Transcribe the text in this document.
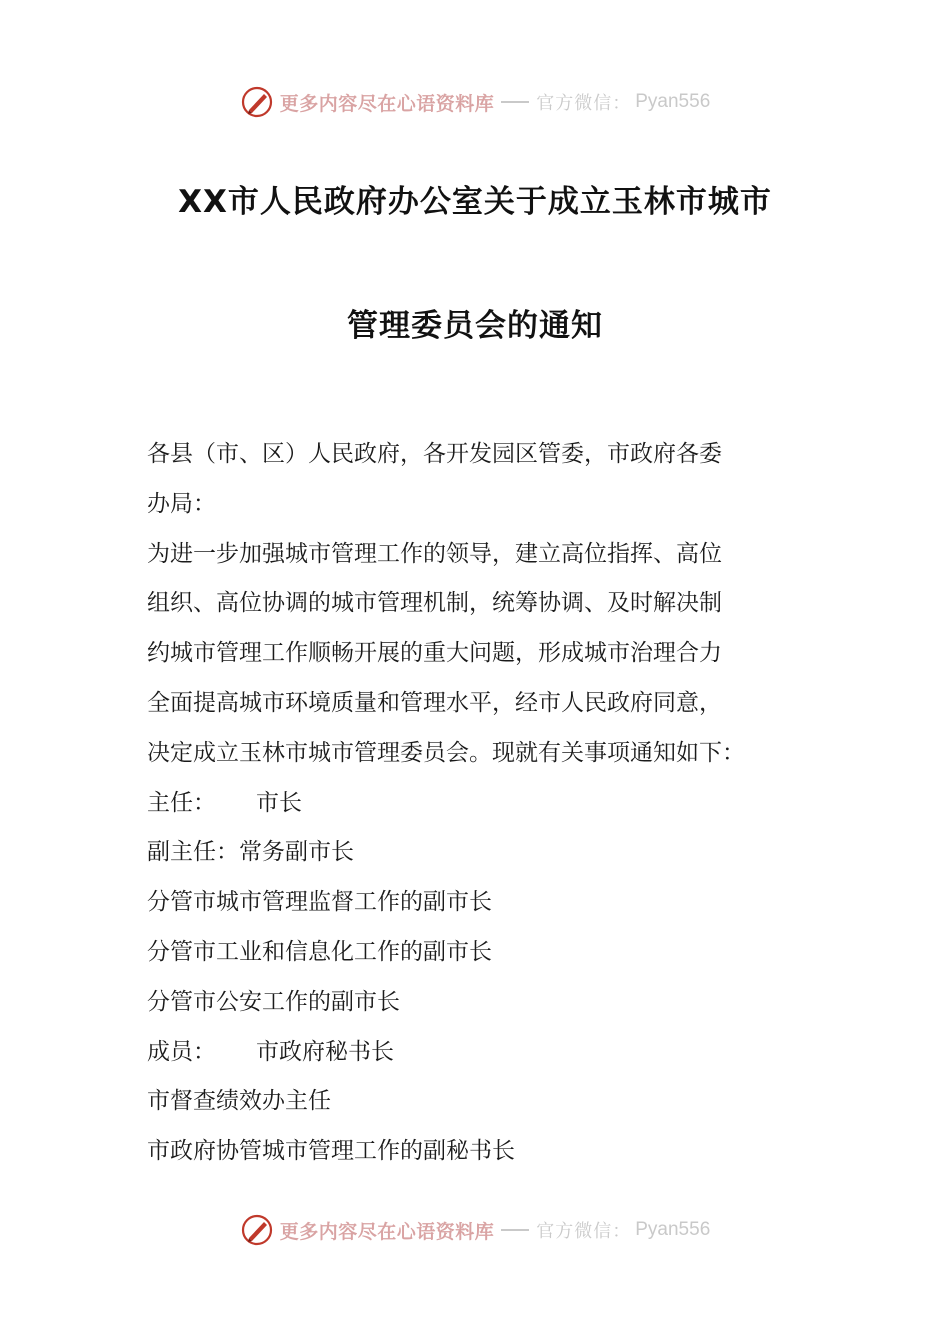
更多内容尽在心语资料库 官方微信： Pyan556
XX市人民政府办公室关于成立玉林市城市
管理委员会的通知

各县（市、区）人民政府，各开发园区管委，市政府各委

办局：

为进一步加强城市管理工作的领导，建立高位指挥、高位

组织、高位协调的城市管理机制，统筹协调、及时解决制

约城市管理工作顺畅开展的重大问题，形成城市治理合力

全面提高城市环境质量和管理水平，经市人民政府同意，

决定成立玉林市城市管理委员会。现就有关事项通知如下：

主任： 市长

副主任：常务副市长

分管市城市管理监督工作的副市长

分管市工业和信息化工作的副市长

分管市公安工作的副市长

成员： 市政府秘书长

市督查绩效办主任

市政府协管城市管理工作的副秘书长

更多内容尽在心语资料库 官方微信： Pyan556
